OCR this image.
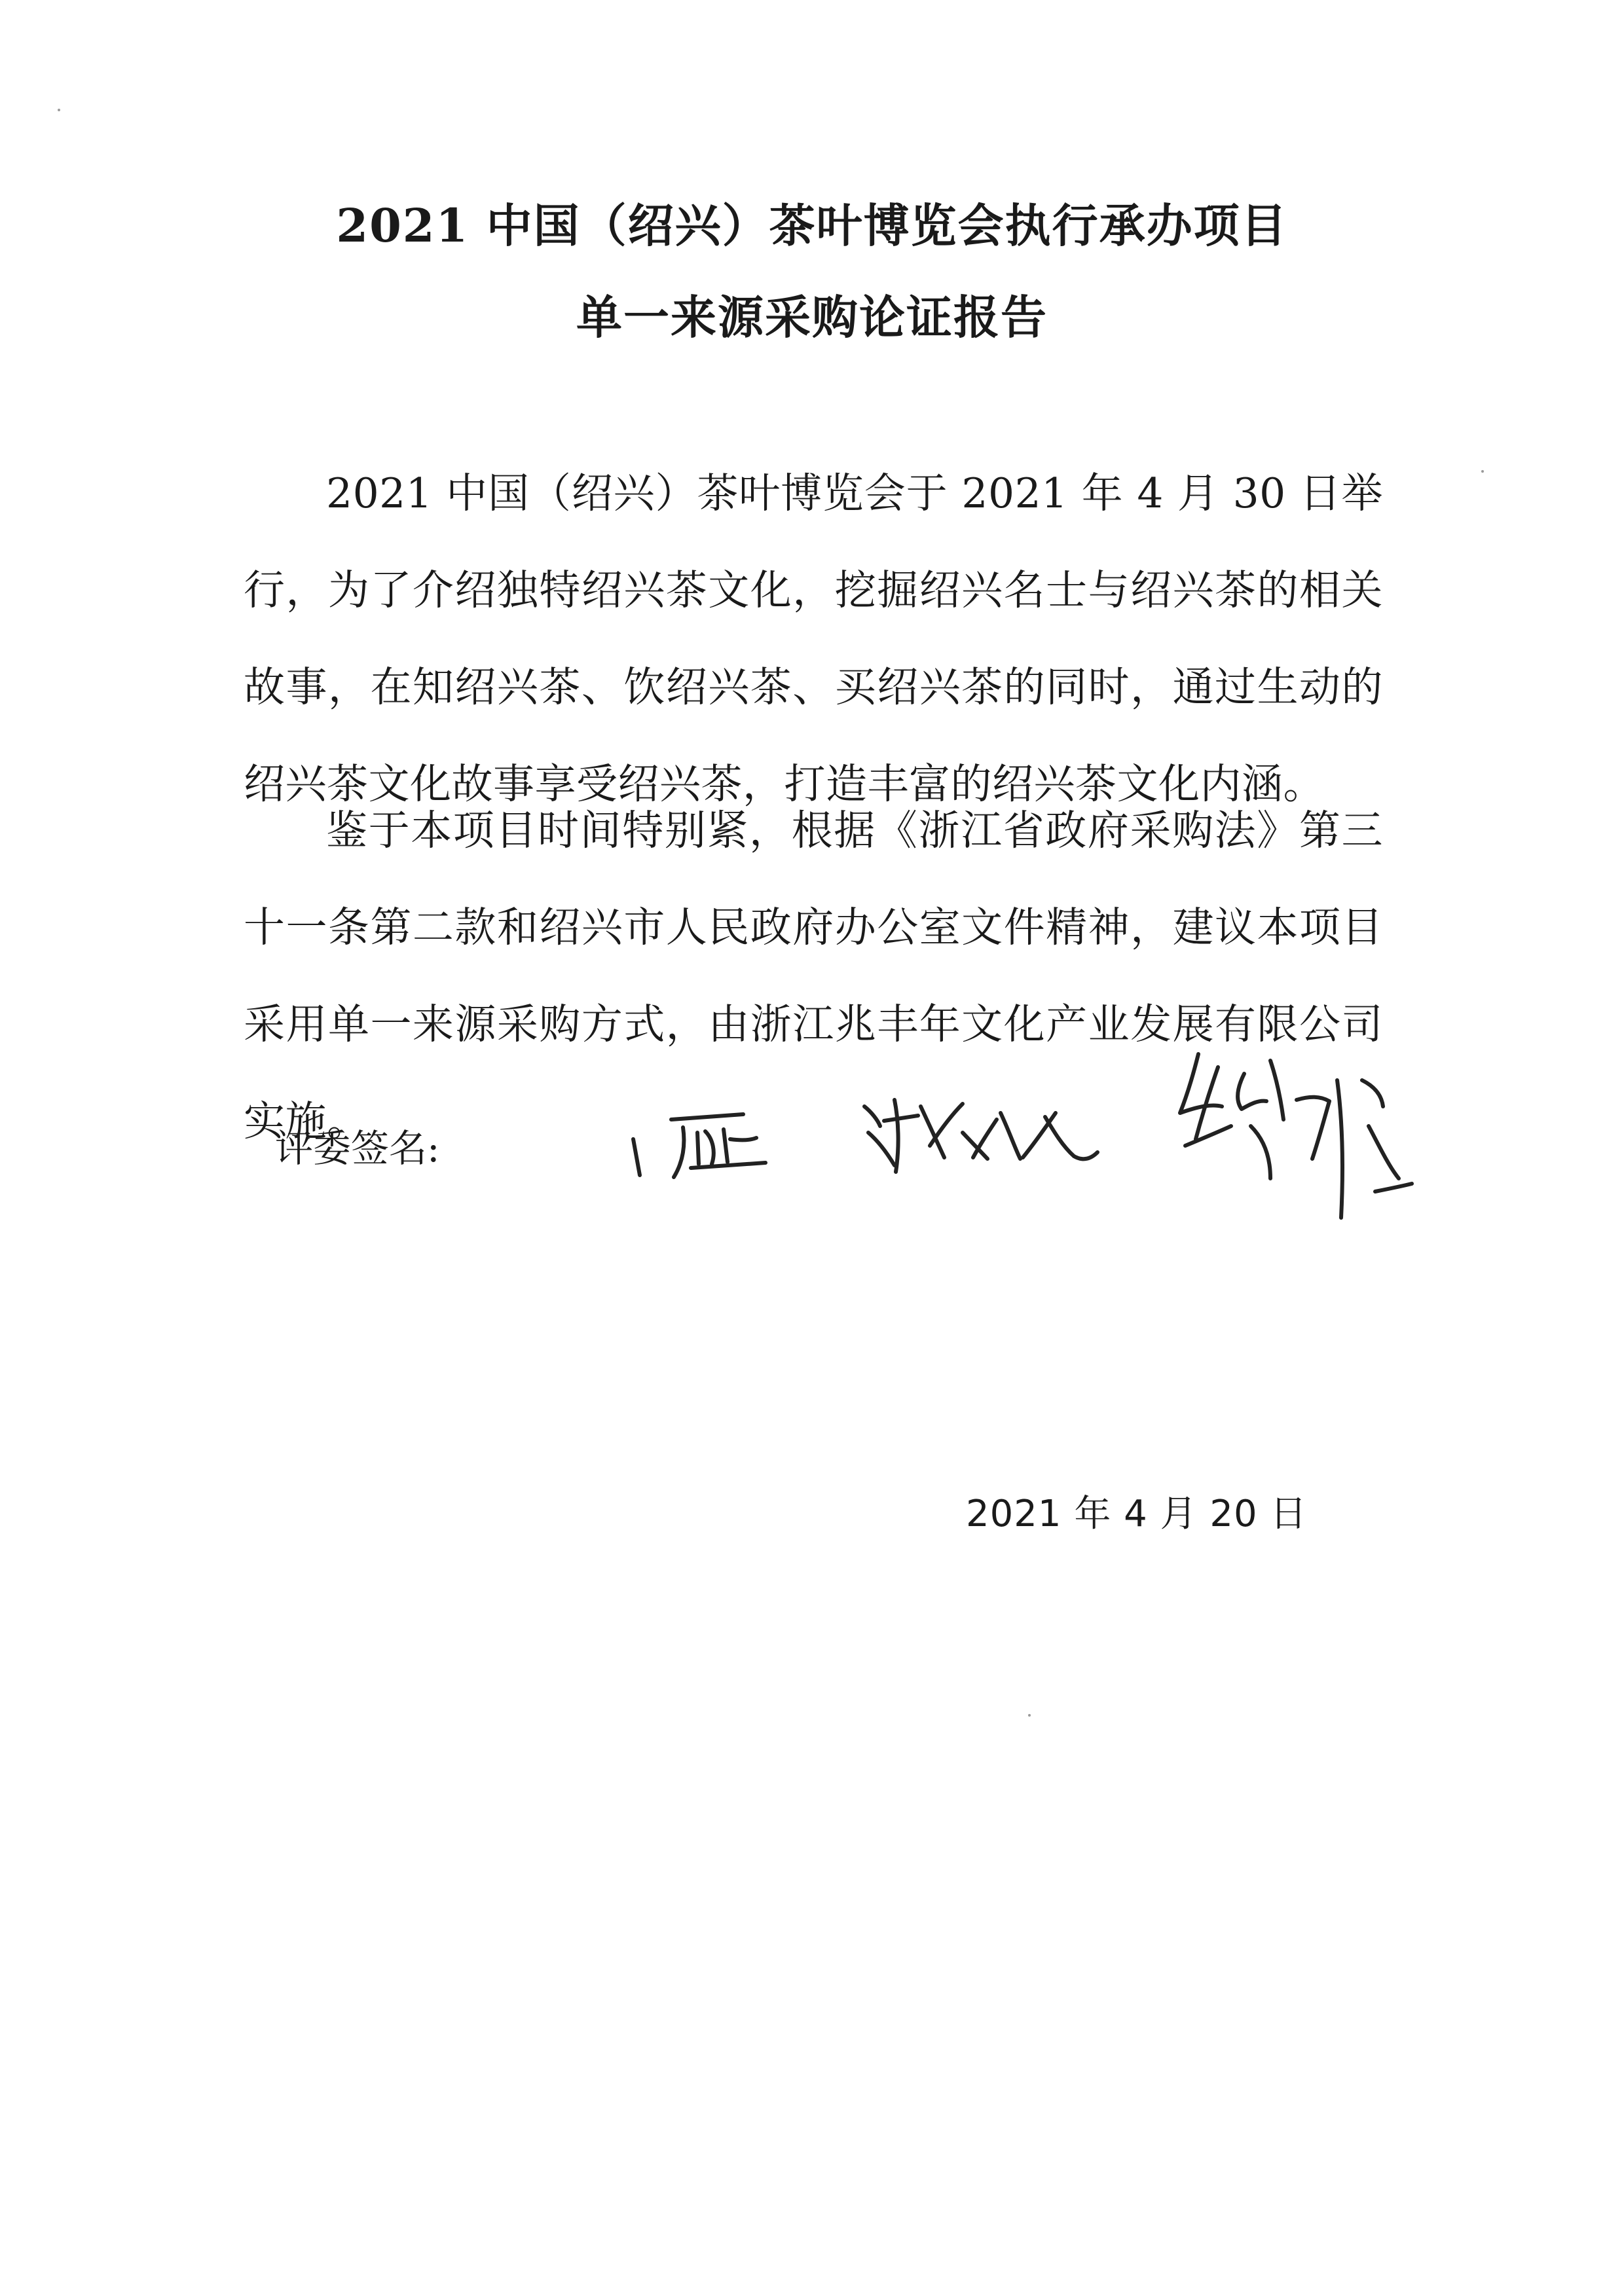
2021 中国（绍兴）茶叶博览会执行承办项目
单一来源采购论证报告

2021 中国（绍兴）茶叶博览会于 2021 年 4 月 30 日举行，为了介绍独特绍兴茶文化，挖掘绍兴名士与绍兴茶的相关故事，在知绍兴茶、饮绍兴茶、买绍兴茶的同时，通过生动的绍兴茶文化故事享受绍兴茶，打造丰富的绍兴茶文化内涵。

鉴于本项目时间特别紧，根据《浙江省政府采购法》第三十一条第二款和绍兴市人民政府办公室文件精神，建议本项目采用单一来源采购方式，由浙江兆丰年文化产业发展有限公司实施。

评委签名:
2021 年 4 月 20 日
